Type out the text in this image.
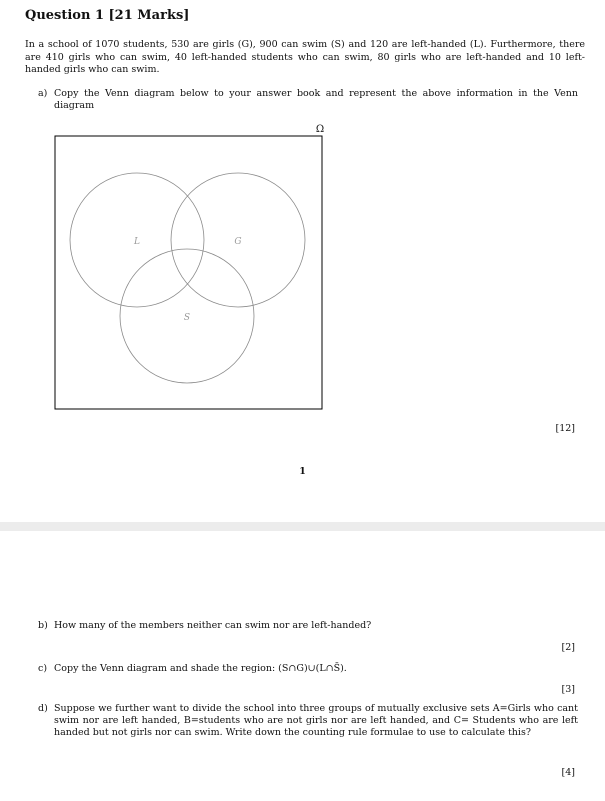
Question 1 [21 Marks]
In a school of 1070 students, 530 are girls (G), 900 can swim (S) and 120 are left-handed (L). Furthermore, there are 410 girls who can swim, 40 left-handed students who can swim, 80 girls who are left-handed and 10 left-handed girls who can swim.
a) Copy the Venn diagram below to your answer book and represent the above information in the Venn diagram
Ω
L	G
S
[12]
1
b) How many of the members neither can swim nor are left-handed?
[2]
c) Copy the Venn diagram and shade the region: (S∩G)∪(L∩S̄).
[3]
d) Suppose we further want to divide the school into three groups of mutually exclusive sets A=Girls who cant swim nor are left handed, B=students who are not girls nor are left handed, and C= Students who are left handed but not girls nor can swim. Write down the counting rule formulae to use to calculate this?
[4]
